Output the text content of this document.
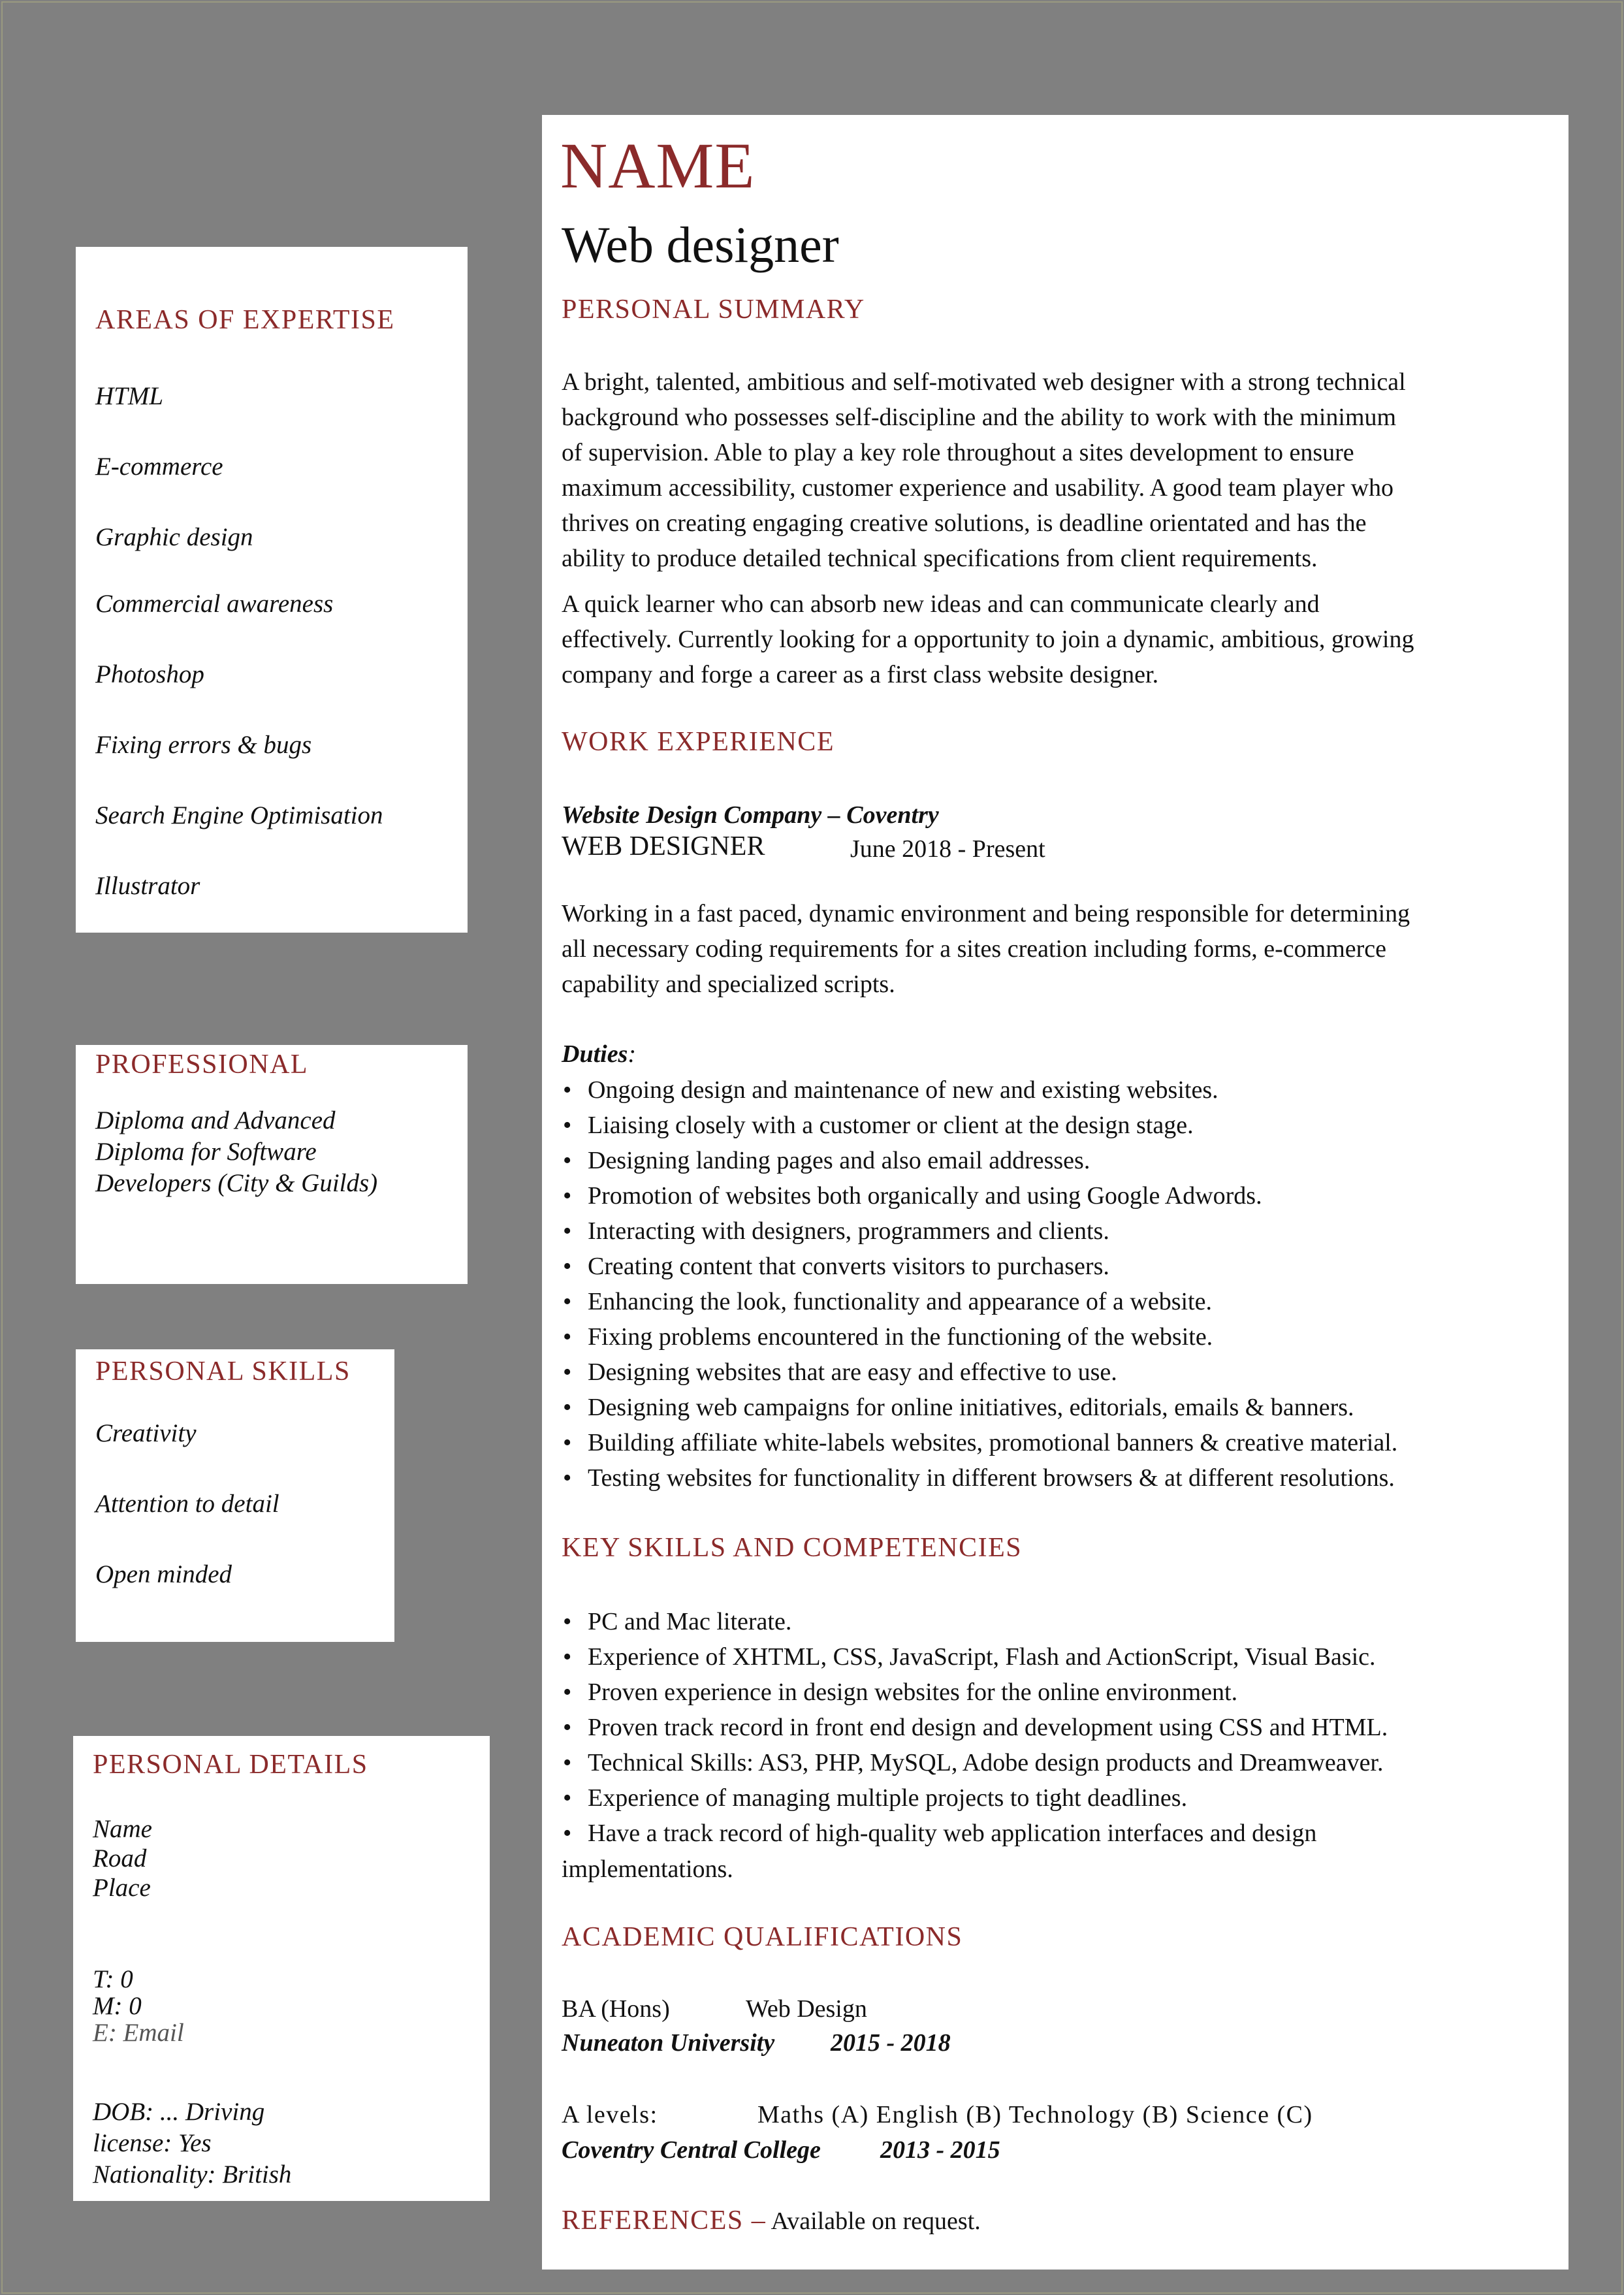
AREAS OF EXPERTISE
HTML
E-commerce
Graphic design
Commercial awareness
Photoshop
Fixing errors & bugs
Search Engine Optimisation
Illustrator
PROFESSIONAL
Diploma and Advanced
Diploma for Software
Developers (City & Guilds)
PERSONAL SKILLS
Creativity
Attention to detail
Open minded
PERSONAL DETAILS
Name
Road
Place
T: 0
M: 0
E: Email
DOB: ... Driving
license: Yes
Nationality: British
NAME
Web designer
PERSONAL SUMMARY
A bright, talented, ambitious and self-motivated web designer with a strong technical
background who possesses self-discipline and the ability to work with the minimum
of supervision. Able to play a key role throughout a sites development to ensure
maximum accessibility, customer experience and usability. A good team player who
thrives on creating engaging creative solutions, is deadline orientated and has the
ability to produce detailed technical specifications from client requirements.
A quick learner who can absorb new ideas and can communicate clearly and
effectively. Currently looking for a opportunity to join a dynamic, ambitious, growing
company and forge a career as a first class website designer.
WORK EXPERIENCE
Website Design Company – Coventry
WEB DESIGNER	June 2018 - Present
Working in a fast paced, dynamic environment and being responsible for determining
all necessary coding requirements for a sites creation including forms, e-commerce
capability and specialized scripts.
Duties:
• Ongoing design and maintenance of new and existing websites.
• Liaising closely with a customer or client at the design stage.
• Designing landing pages and also email addresses.
• Promotion of websites both organically and using Google Adwords.
• Interacting with designers, programmers and clients.
• Creating content that converts visitors to purchasers.
• Enhancing the look, functionality and appearance of a website.
• Fixing problems encountered in the functioning of the website.
• Designing websites that are easy and effective to use.
• Designing web campaigns for online initiatives, editorials, emails & banners.
• Building affiliate white-labels websites, promotional banners & creative material.
• Testing websites for functionality in different browsers & at different resolutions.
KEY SKILLS AND COMPETENCIES
• PC and Mac literate.
• Experience of XHTML, CSS, JavaScript, Flash and ActionScript, Visual Basic.
• Proven experience in design websites for the online environment.
• Proven track record in front end design and development using CSS and HTML.
• Technical Skills: AS3, PHP, MySQL, Adobe design products and Dreamweaver.
• Experience of managing multiple projects to tight deadlines.
• Have a track record of high-quality web application interfaces and design
implementations.
ACADEMIC QUALIFICATIONS
BA (Hons)	Web Design
Nuneaton University 2015 - 2018
A levels:	Maths (A) English (B) Technology (B) Science (C)
Coventry Central College 2013 - 2015
REFERENCES – Available on request.
